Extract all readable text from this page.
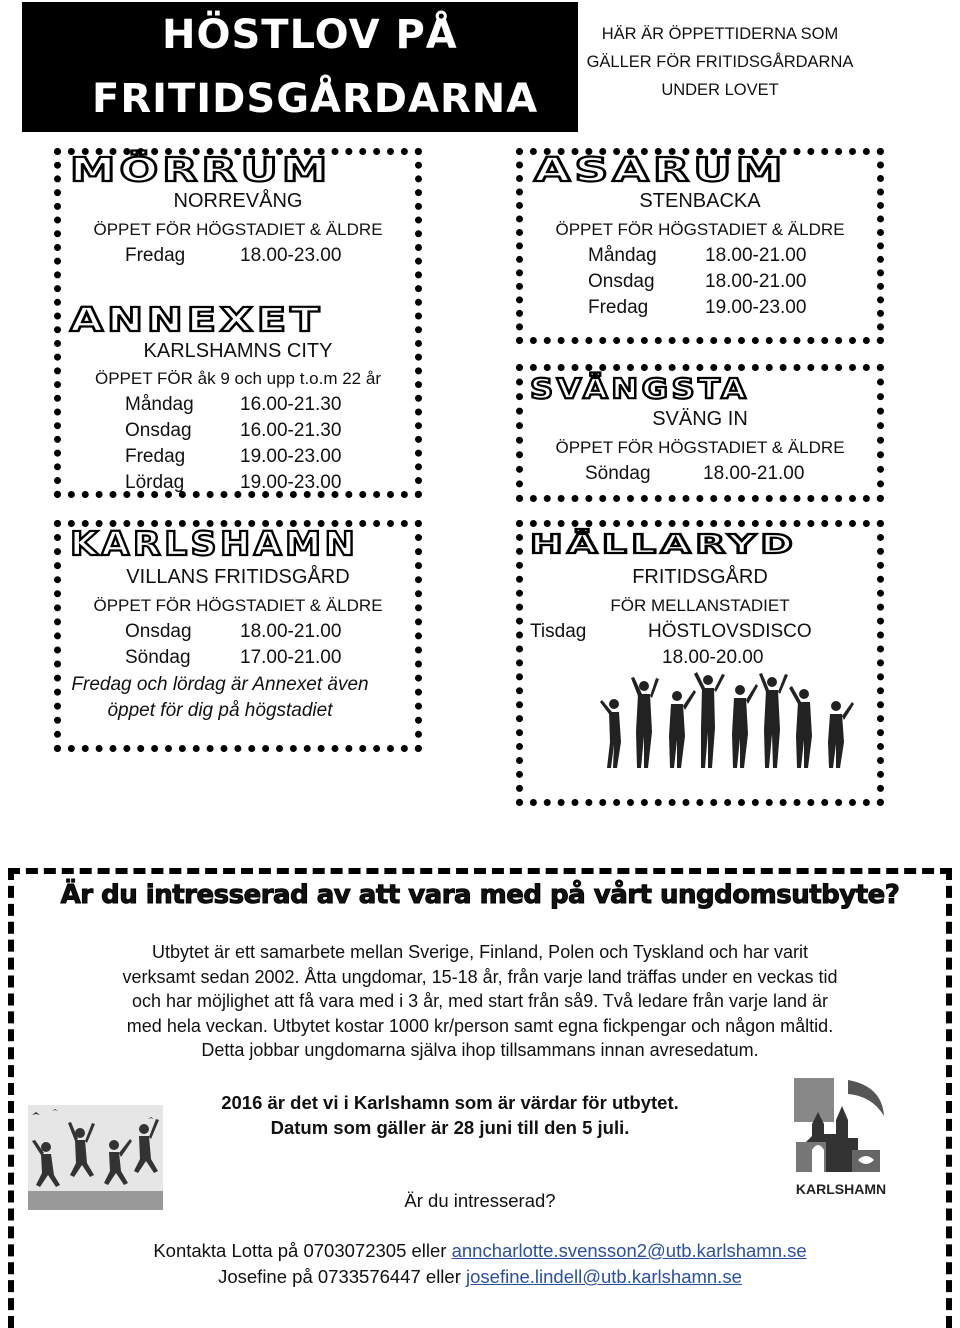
HÖSTLOV PÅ
FRITIDSGÅRDARNA
HÄR ÄR ÖPPETTIDERNA SOM
GÄLLER FÖR FRITIDSGÅRDARNA
UNDER LOVET
MÖRRUM
NORREVÅNG
ÖPPET FÖR HÖGSTADIET & ÄLDRE
Fredag	18.00-23.00
ANNEXET
KARLSHAMNS CITY
ÖPPET FÖR åk 9 och upp t.o.m 22 år
Måndag 16.00-21.30
Onsdag	16.00-21.30
Fredag	19.00-23.00
Lördag	19.00-23.00
KARLSHAMN
VILLANS FRITIDSGÅRD
ÖPPET FÖR HÖGSTADIET & ÄLDRE
Onsdag	18.00-21.00
Söndag	17.00-21.00
Fredag och lördag är Annexet även
öppet för dig på högstadiet
ASARUM
STENBACKA
ÖPPET FÖR HÖGSTADIET & ÄLDRE
Måndag	18.00-21.00
Onsdag	18.00-21.00
Fredag	19.00-23.00
SVÄNGSTA
SVÄNG IN
ÖPPET FÖR HÖGSTADIET & ÄLDRE
Söndag	18.00-21.00
HÄLLARYD
FRITIDSGÅRD
FÖR MELLANSTADIET
Tisdag	HÖSTLOVSDISCO
18.00-20.00
Är du intresserad av att vara med på vårt ungdomsutbyte?
Utbytet är ett samarbete mellan Sverige, Finland, Polen och Tyskland och har varit
verksamt sedan 2002. Åtta ungdomar, 15-18 år, från varje land träffas under en veckas tid
och har möjlighet att få vara med i 3 år, med start från så9. Två ledare från varje land är
med hela veckan. Utbytet kostar 1000 kr/person samt egna fickpengar och någon måltid.
Detta jobbar ungdomarna själva ihop tillsammans innan avresedatum.
2016 är det vi i Karlshamn som är värdar för utbytet.
Datum som gäller är 28 juni till den 5 juli.
KARLSHAMN
Är du intresserad?
Kontakta Lotta på 0703072305 eller anncharlotte.svensson2@utb.karlshamn.se
Josefine på 0733576447 eller josefine.lindell@utb.karlshamn.se
